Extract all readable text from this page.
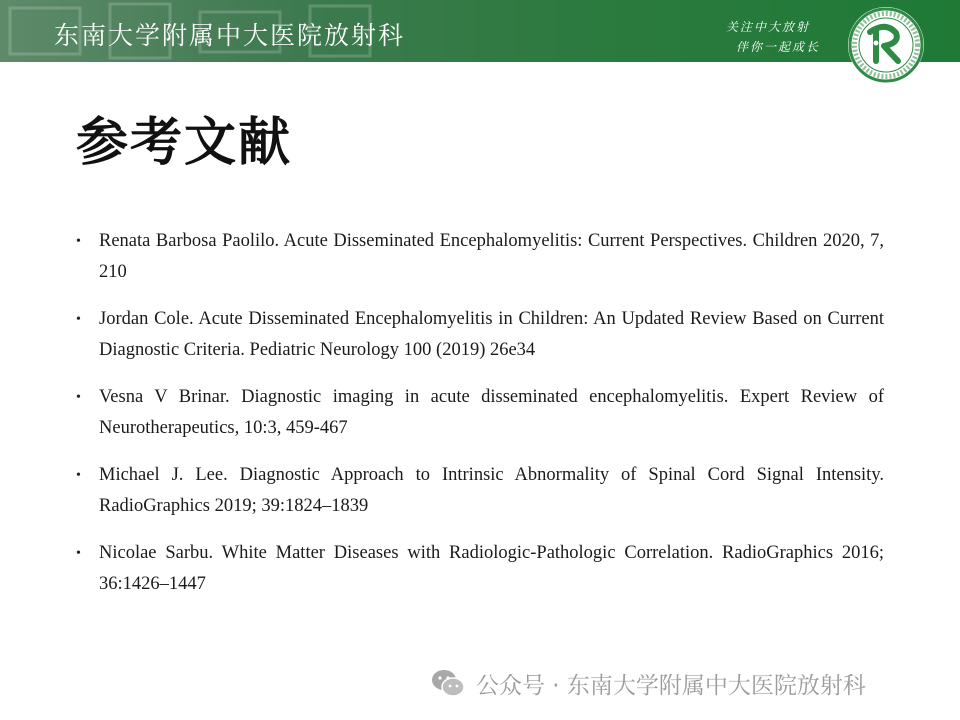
东南大学附属中大医院放射科	关注中大放射
伴你一起成长
参考文献
• Renata Barbosa Paolilo. Acute Disseminated Encephalomyelitis: Current Perspectives. Children 2020, 7, 210
• Jordan Cole. Acute Disseminated Encephalomyelitis in Children: An Updated Review Based on Current Diagnostic Criteria. Pediatric Neurology 100 (2019) 26e34
• Vesna V Brinar. Diagnostic imaging in acute disseminated encephalomyelitis. Expert Review of Neurotherapeutics, 10:3, 459-467
• Michael J. Lee. Diagnostic Approach to Intrinsic Abnormality of Spinal Cord Signal Intensity. RadioGraphics 2019; 39:1824–1839
• Nicolae Sarbu. White Matter Diseases with Radiologic-Pathologic Correlation. RadioGraphics 2016; 36:1426–1447
公众号 · 东南大学附属中大医院放射科
